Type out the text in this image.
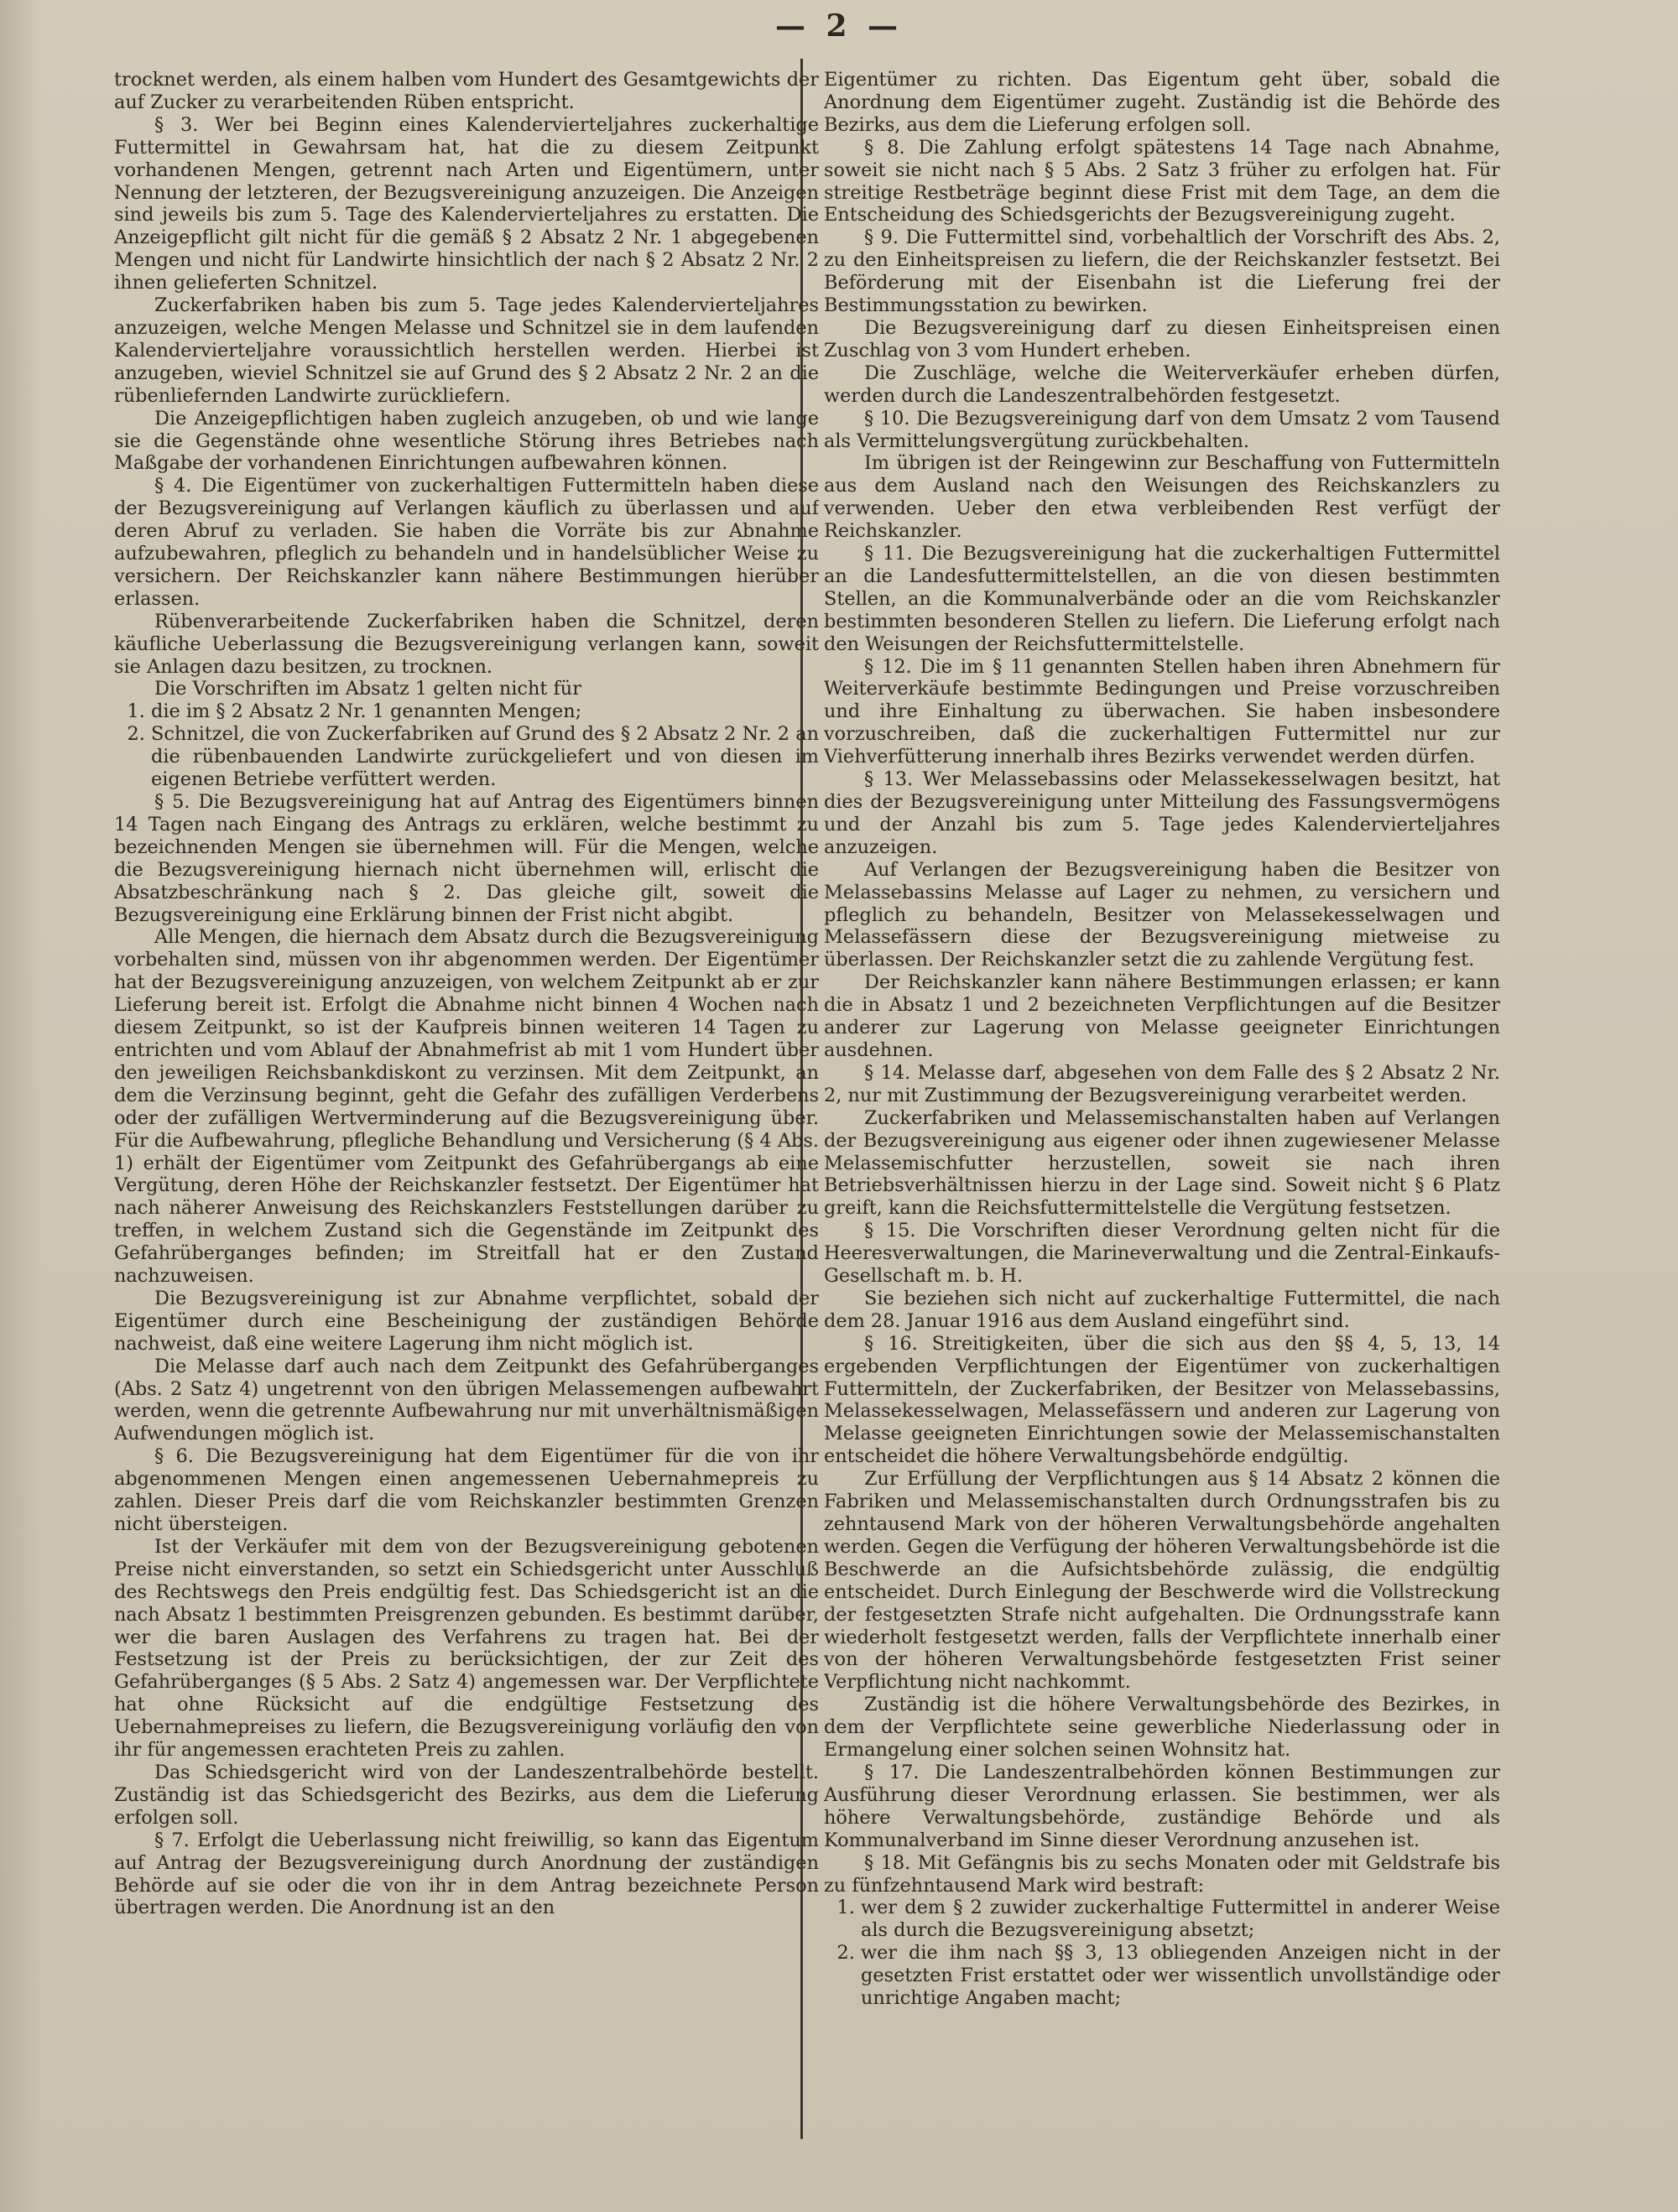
— 2 —

trocknet werden, als einem halben vom Hundert des Gesamtgewichts der auf Zucker zu verarbeitenden Rüben entspricht.

§ 3. Wer bei Beginn eines Kalendervierteljahres zuckerhaltige Futtermittel in Gewahrsam hat, hat die zu diesem Zeitpunkt vorhandenen Mengen, getrennt nach Arten und Eigentümern, unter Nennung der letzteren, der Bezugsvereinigung anzuzeigen. Die Anzeigen sind jeweils bis zum 5. Tage des Kalendervierteljahres zu erstatten. Die Anzeigepflicht gilt nicht für die gemäß § 2 Absatz 2 Nr. 1 abgegebenen Mengen und nicht für Landwirte hinsichtlich der nach § 2 Absatz 2 Nr. 2 ihnen gelieferten Schnitzel.

Zuckerfabriken haben bis zum 5. Tage jedes Kalendervierteljahres anzuzeigen, welche Mengen Melasse und Schnitzel sie in dem laufenden Kalendervierteljahre voraussichtlich herstellen werden. Hierbei ist anzugeben, wieviel Schnitzel sie auf Grund des § 2 Absatz 2 Nr. 2 an die rübenliefernden Landwirte zurückliefern.

Die Anzeigepflichtigen haben zugleich anzugeben, ob und wie lange sie die Gegenstände ohne wesentliche Störung ihres Betriebes nach Maßgabe der vorhandenen Einrichtungen aufbewahren können.

§ 4. Die Eigentümer von zuckerhaltigen Futtermitteln haben diese der Bezugsvereinigung auf Verlangen käuflich zu überlassen und auf deren Abruf zu verladen. Sie haben die Vorräte bis zur Abnahme aufzubewahren, pfleglich zu behandeln und in handelsüblicher Weise zu versichern. Der Reichskanzler kann nähere Bestimmungen hierüber erlassen.

Rübenverarbeitende Zuckerfabriken haben die Schnitzel, deren käufliche Ueberlassung die Bezugsvereinigung verlangen kann, soweit sie Anlagen dazu besitzen, zu trocknen.

Die Vorschriften im Absatz 1 gelten nicht für

1. die im § 2 Absatz 2 Nr. 1 genannten Mengen;
2. Schnitzel, die von Zuckerfabriken auf Grund des § 2 Absatz 2 Nr. 2 an die rübenbauenden Landwirte zurückgeliefert und von diesen im eigenen Betriebe verfüttert werden.

§ 5. Die Bezugsvereinigung hat auf Antrag des Eigentümers binnen 14 Tagen nach Eingang des Antrags zu erklären, welche bestimmt zu bezeichnenden Mengen sie übernehmen will. Für die Mengen, welche die Bezugsvereinigung hiernach nicht übernehmen will, erlischt die Absatzbeschränkung nach § 2. Das gleiche gilt, soweit die Bezugsvereinigung eine Erklärung binnen der Frist nicht abgibt.

Alle Mengen, die hiernach dem Absatz durch die Bezugsvereinigung vorbehalten sind, müssen von ihr abgenommen werden. Der Eigentümer hat der Bezugsvereinigung anzuzeigen, von welchem Zeitpunkt ab er zur Lieferung bereit ist. Erfolgt die Abnahme nicht binnen 4 Wochen nach diesem Zeitpunkt, so ist der Kaufpreis binnen weiteren 14 Tagen zu entrichten und vom Ablauf der Abnahmefrist ab mit 1 vom Hundert über den jeweiligen Reichsbankdiskont zu verzinsen. Mit dem Zeitpunkt, an dem die Verzinsung beginnt, geht die Gefahr des zufälligen Verderbens oder der zufälligen Wertverminderung auf die Bezugsvereinigung über. Für die Aufbewahrung, pflegliche Behandlung und Versicherung (§ 4 Abs. 1) erhält der Eigentümer vom Zeitpunkt des Gefahrübergangs ab eine Vergütung, deren Höhe der Reichskanzler festsetzt. Der Eigentümer hat nach näherer Anweisung des Reichskanzlers Feststellungen darüber zu treffen, in welchem Zustand sich die Gegenstände im Zeitpunkt des Gefahrüberganges befinden; im Streitfall hat er den Zustand nachzuweisen.

Die Bezugsvereinigung ist zur Abnahme verpflichtet, sobald der Eigentümer durch eine Bescheinigung der zuständigen Behörde nachweist, daß eine weitere Lagerung ihm nicht möglich ist.

Die Melasse darf auch nach dem Zeitpunkt des Gefahrüberganges (Abs. 2 Satz 4) ungetrennt von den übrigen Melassemengen aufbewahrt werden, wenn die getrennte Aufbewahrung nur mit unverhältnismäßigen Aufwendungen möglich ist.

§ 6. Die Bezugsvereinigung hat dem Eigentümer für die von ihr abgenommenen Mengen einen angemessenen Uebernahmepreis zu zahlen. Dieser Preis darf die vom Reichskanzler bestimmten Grenzen nicht übersteigen.

Ist der Verkäufer mit dem von der Bezugsvereinigung gebotenen Preise nicht einverstanden, so setzt ein Schiedsgericht unter Ausschluß des Rechtswegs den Preis endgültig fest. Das Schiedsgericht ist an die nach Absatz 1 bestimmten Preisgrenzen gebunden. Es bestimmt darüber, wer die baren Auslagen des Verfahrens zu tragen hat. Bei der Festsetzung ist der Preis zu berücksichtigen, der zur Zeit des Gefahrüberganges (§ 5 Abs. 2 Satz 4) angemessen war. Der Verpflichtete hat ohne Rücksicht auf die endgültige Festsetzung des Uebernahmepreises zu liefern, die Bezugsvereinigung vorläufig den von ihr für angemessen erachteten Preis zu zahlen.

Das Schiedsgericht wird von der Landeszentralbehörde bestellt. Zuständig ist das Schiedsgericht des Bezirks, aus dem die Lieferung erfolgen soll.

§ 7. Erfolgt die Ueberlassung nicht freiwillig, so kann das Eigentum auf Antrag der Bezugsvereinigung durch Anordnung der zuständigen Behörde auf sie oder die von ihr in dem Antrag bezeichnete Person übertragen werden. Die Anordnung ist an den

Eigentümer zu richten. Das Eigentum geht über, sobald die Anordnung dem Eigentümer zugeht. Zuständig ist die Behörde des Bezirks, aus dem die Lieferung erfolgen soll.

§ 8. Die Zahlung erfolgt spätestens 14 Tage nach Abnahme, soweit sie nicht nach § 5 Abs. 2 Satz 3 früher zu erfolgen hat. Für streitige Restbeträge beginnt diese Frist mit dem Tage, an dem die Entscheidung des Schiedsgerichts der Bezugsvereinigung zugeht.

§ 9. Die Futtermittel sind, vorbehaltlich der Vorschrift des Abs. 2, zu den Einheitspreisen zu liefern, die der Reichskanzler festsetzt. Bei Beförderung mit der Eisenbahn ist die Lieferung frei der Bestimmungsstation zu bewirken.

Die Bezugsvereinigung darf zu diesen Einheitspreisen einen Zuschlag von 3 vom Hundert erheben.

Die Zuschläge, welche die Weiterverkäufer erheben dürfen, werden durch die Landeszentralbehörden festgesetzt.

§ 10. Die Bezugsvereinigung darf von dem Umsatz 2 vom Tausend als Vermittelungsvergütung zurückbehalten.

Im übrigen ist der Reingewinn zur Beschaffung von Futtermitteln aus dem Ausland nach den Weisungen des Reichskanzlers zu verwenden. Ueber den etwa verbleibenden Rest verfügt der Reichskanzler.

§ 11. Die Bezugsvereinigung hat die zuckerhaltigen Futtermittel an die Landesfuttermittelstellen, an die von diesen bestimmten Stellen, an die Kommunalverbände oder an die vom Reichskanzler bestimmten besonderen Stellen zu liefern. Die Lieferung erfolgt nach den Weisungen der Reichsfuttermittelstelle.

§ 12. Die im § 11 genannten Stellen haben ihren Abnehmern für Weiterverkäufe bestimmte Bedingungen und Preise vorzuschreiben und ihre Einhaltung zu überwachen. Sie haben insbesondere vorzuschreiben, daß die zuckerhaltigen Futtermittel nur zur Viehverfütterung innerhalb ihres Bezirks verwendet werden dürfen.

§ 13. Wer Melassebassins oder Melassekesselwagen besitzt, hat dies der Bezugsvereinigung unter Mitteilung des Fassungsvermögens und der Anzahl bis zum 5. Tage jedes Kalendervierteljahres anzuzeigen.

Auf Verlangen der Bezugsvereinigung haben die Besitzer von Melassebassins Melasse auf Lager zu nehmen, zu versichern und pfleglich zu behandeln, Besitzer von Melassekesselwagen und Melassefässern diese der Bezugsvereinigung mietweise zu überlassen. Der Reichskanzler setzt die zu zahlende Vergütung fest.

Der Reichskanzler kann nähere Bestimmungen erlassen; er kann die in Absatz 1 und 2 bezeichneten Verpflichtungen auf die Besitzer anderer zur Lagerung von Melasse geeigneter Einrichtungen ausdehnen.

§ 14. Melasse darf, abgesehen von dem Falle des § 2 Absatz 2 Nr. 2, nur mit Zustimmung der Bezugsvereinigung verarbeitet werden.

Zuckerfabriken und Melassemischanstalten haben auf Verlangen der Bezugsvereinigung aus eigener oder ihnen zugewiesener Melasse Melassemischfutter herzustellen, soweit sie nach ihren Betriebsverhältnissen hierzu in der Lage sind. Soweit nicht § 6 Platz greift, kann die Reichsfuttermittelstelle die Vergütung festsetzen.

§ 15. Die Vorschriften dieser Verordnung gelten nicht für die Heeresverwaltungen, die Marineverwaltung und die Zentral-Einkaufs-Gesellschaft m. b. H.

Sie beziehen sich nicht auf zuckerhaltige Futtermittel, die nach dem 28. Januar 1916 aus dem Ausland eingeführt sind.

§ 16. Streitigkeiten, über die sich aus den §§ 4, 5, 13, 14 ergebenden Verpflichtungen der Eigentümer von zuckerhaltigen Futtermitteln, der Zuckerfabriken, der Besitzer von Melassebassins, Melassekesselwagen, Melassefässern und anderen zur Lagerung von Melasse geeigneten Einrichtungen sowie der Melassemischanstalten entscheidet die höhere Verwaltungsbehörde endgültig.

Zur Erfüllung der Verpflichtungen aus § 14 Absatz 2 können die Fabriken und Melassemischanstalten durch Ordnungsstrafen bis zu zehntausend Mark von der höheren Verwaltungsbehörde angehalten werden. Gegen die Verfügung der höheren Verwaltungsbehörde ist die Beschwerde an die Aufsichtsbehörde zulässig, die endgültig entscheidet. Durch Einlegung der Beschwerde wird die Vollstreckung der festgesetzten Strafe nicht aufgehalten. Die Ordnungsstrafe kann wiederholt festgesetzt werden, falls der Verpflichtete innerhalb einer von der höheren Verwaltungsbehörde festgesetzten Frist seiner Verpflichtung nicht nachkommt.

Zuständig ist die höhere Verwaltungsbehörde des Bezirkes, in dem der Verpflichtete seine gewerbliche Niederlassung oder in Ermangelung einer solchen seinen Wohnsitz hat.

§ 17. Die Landeszentralbehörden können Bestimmungen zur Ausführung dieser Verordnung erlassen. Sie bestimmen, wer als höhere Verwaltungsbehörde, zuständige Behörde und als Kommunalverband im Sinne dieser Verordnung anzusehen ist.

§ 18. Mit Gefängnis bis zu sechs Monaten oder mit Geldstrafe bis zu fünfzehntausend Mark wird bestraft:

1. wer dem § 2 zuwider zuckerhaltige Futtermittel in anderer Weise als durch die Bezugsvereinigung absetzt;
2. wer die ihm nach §§ 3, 13 obliegenden Anzeigen nicht in der gesetzten Frist erstattet oder wer wissentlich unvollständige oder unrichtige Angaben macht;
